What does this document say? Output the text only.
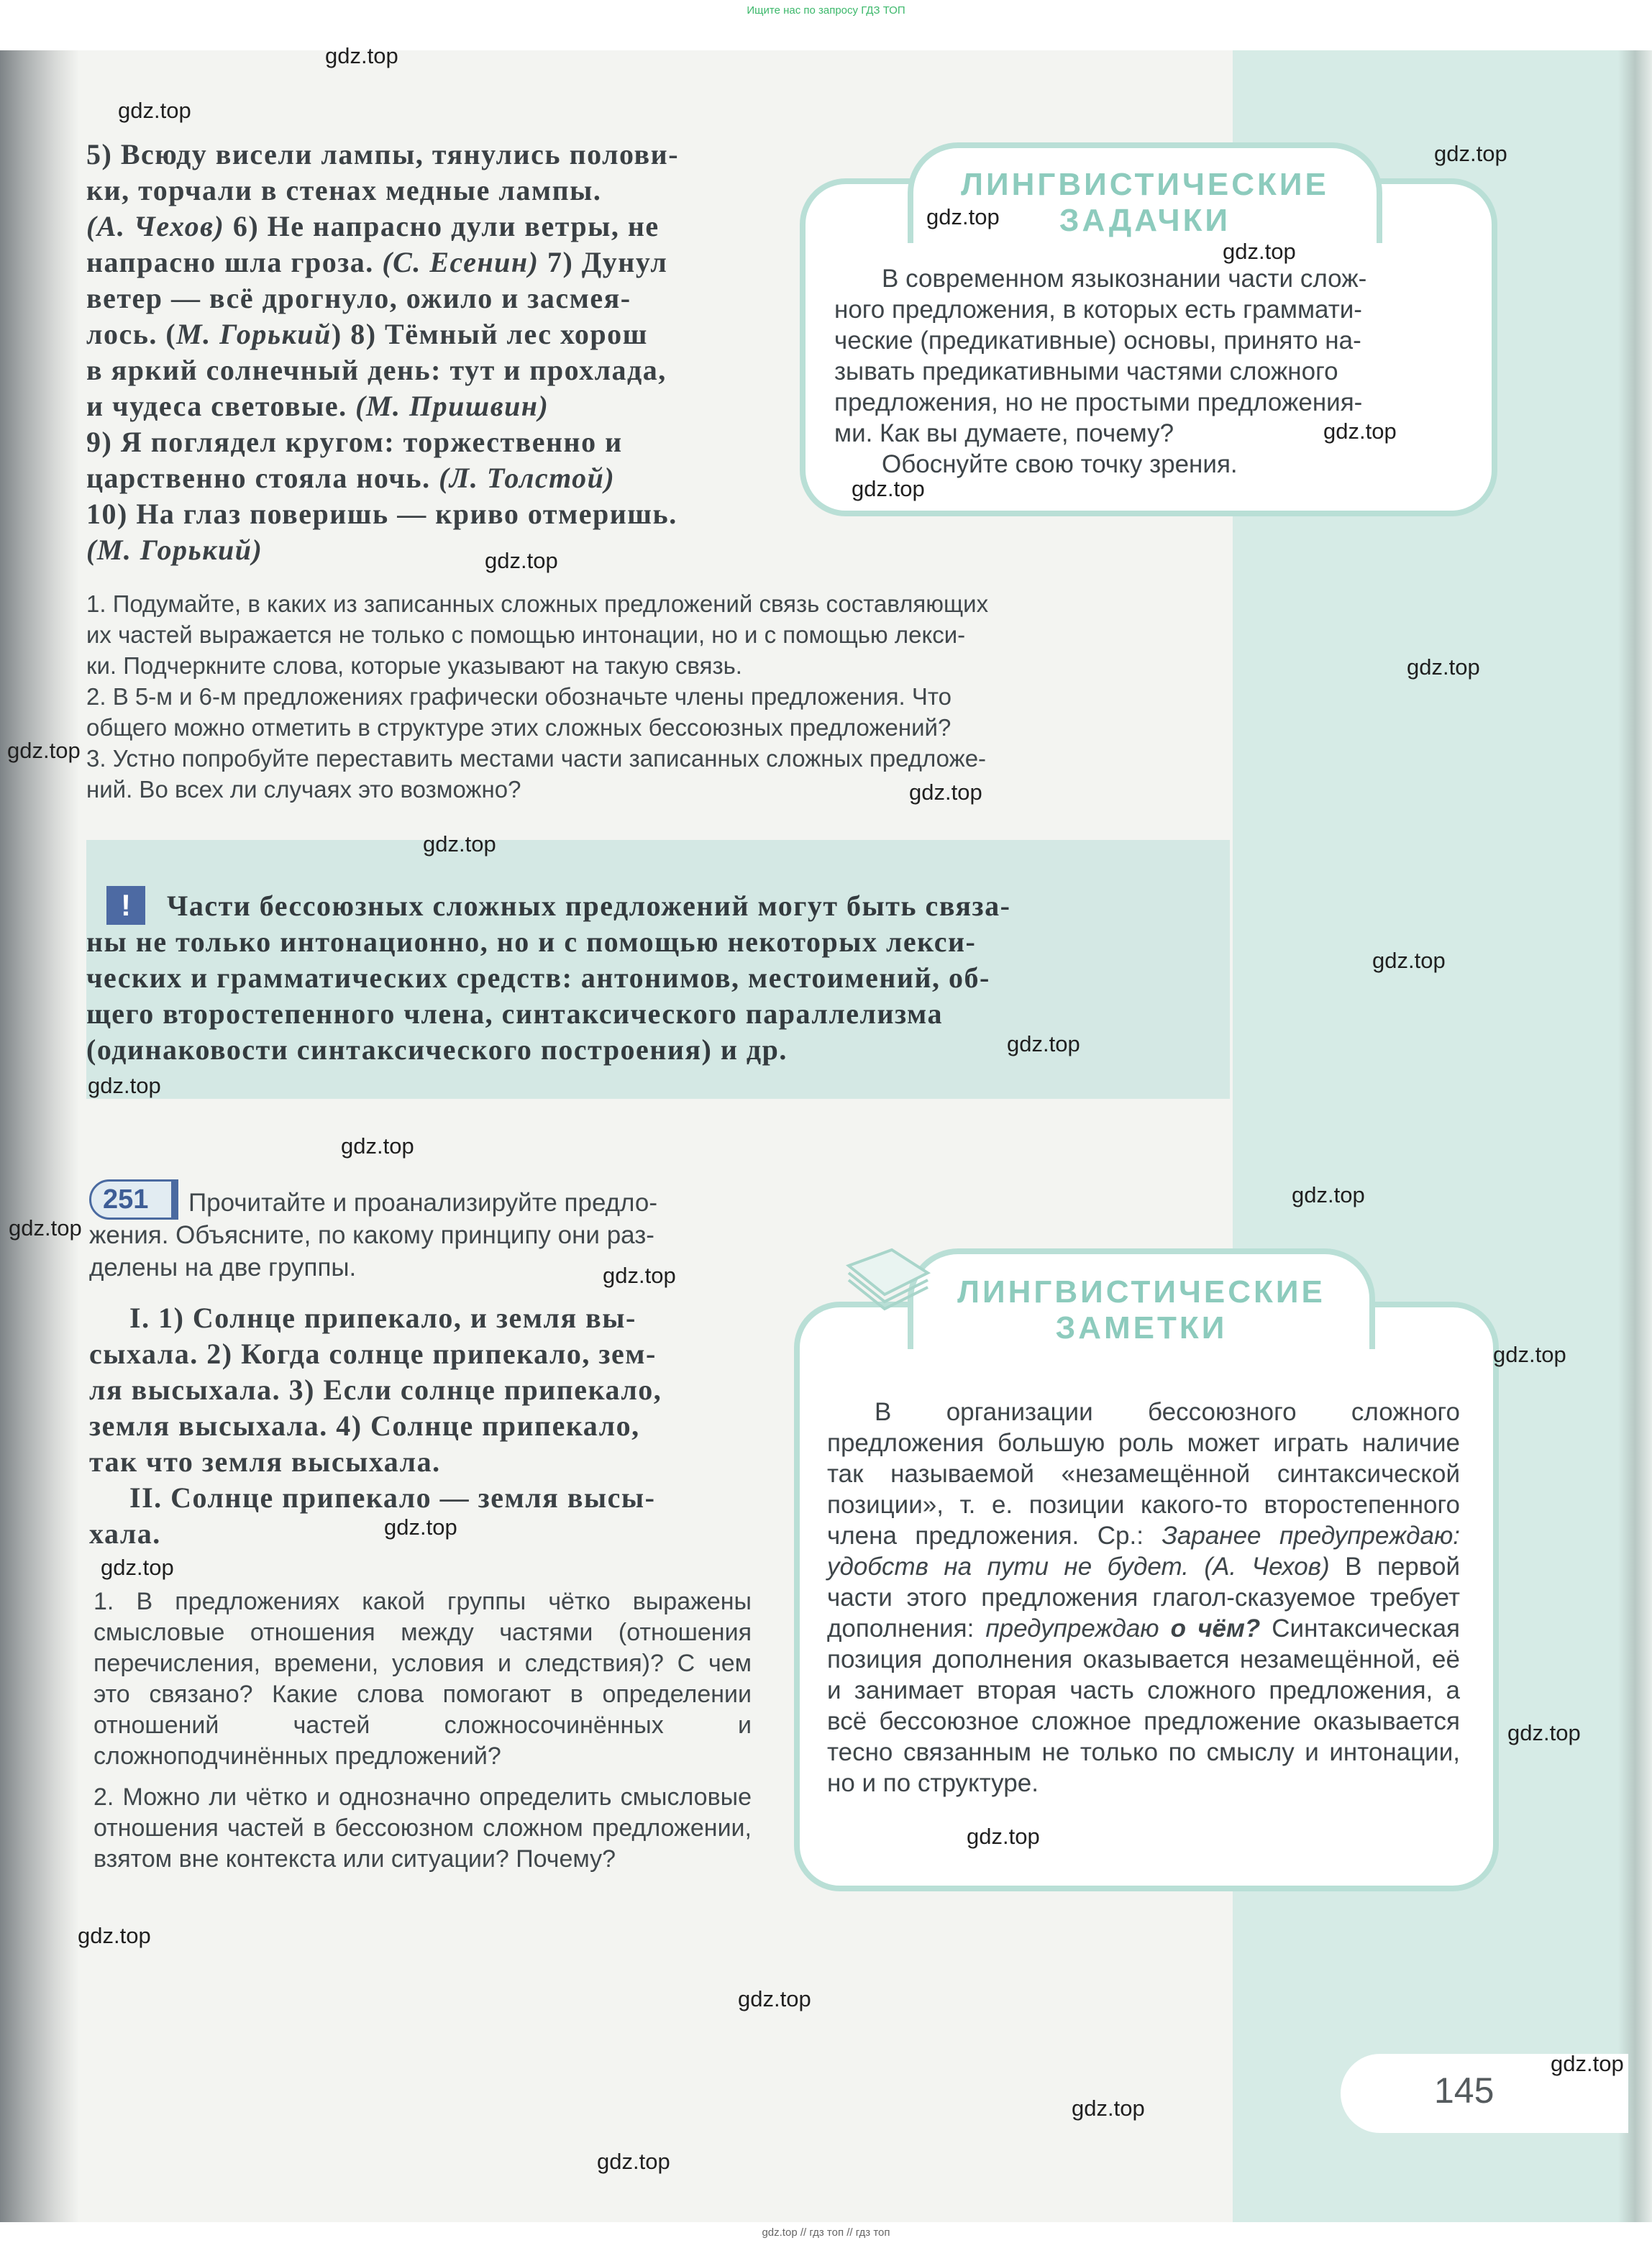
Ищите нас по запросу ГДЗ ТОП

5) Всюду висели лампы, тянулись полови-

ки, торчали в стенах медные лампы.

(А. Чехов) 6) Не напрасно дули ветры, не

напрасно шла гроза. (С. Есенин) 7) Дунул

ветер — всё дрогнуло, ожило и засмея-

лось. (М. Горький) 8) Тёмный лес хорош

в яркий солнечный день: тут и прохлада,

и чудеса световые. (М. Пришвин)

9) Я поглядел кругом: торжественно и

царственно стояла ночь. (Л. Толстой)

10) На глаз поверишь — криво отмеришь.

(М. Горький)

ЛИНГВИСТИЧЕСКИЕ
ЗАДАЧКИ

В современном языкознании части слож-

ного предложения, в которых есть граммати-

ческие (предикативные) основы, принято на-

зывать предикативными частями сложного

предложения, но не простыми предложения-

ми. Как вы думаете, почему?

Обоснуйте свою точку зрения.

1. Подумайте, в каких из записанных сложных предложений связь составляющих

их частей выражается не только с помощью интонации, но и с помощью лекси-

ки. Подчеркните слова, которые указывают на такую связь.

2. В 5-м и 6-м предложениях графически обозначьте члены предложения. Что

общего можно отметить в структуре этих сложных бессоюзных предложений?

3. Устно попробуйте переставить местами части записанных сложных предложе-

ний. Во всех ли случаях это возможно?

!	Части бессоюзных сложных предложений могут быть связа-

ны не только интонационно, но и с помощью некоторых лекси-

ческих и грамматических средств: антонимов, местоимений, об-

щего второстепенного члена, синтаксического параллелизма

(одинаковости синтаксического построения) и др.

251	Прочитайте и проанализируйте предло-

жения. Объясните, по какому принципу они раз-

делены на две группы.

I. 1) Солнце припекало, и земля вы-

сыхала. 2) Когда солнце припекало, зем-

ля высыхала. 3) Если солнце припекало,

земля высыхала. 4) Солнце припекало,

так что земля высыхала.

II. Солнце припекало — земля высы-

хала.

1. В предложениях какой группы чётко выражены смысловые отношения между частями (отношения перечисления, времени, условия и следствия)? С чем это связано? Какие слова помогают в определении отношений частей сложносочинённых и сложноподчинённых предложений?

2. Можно ли чётко и однозначно определить смысловые отношения частей в бессоюзном сложном предложении, взятом вне контекста или ситуации? Почему?

ЛИНГВИСТИЧЕСКИЕ
ЗАМЕТКИ

В организации бессоюзного сложного предложения большую роль может играть наличие так называемой «незамещённой синтаксической позиции», т. е. позиции какого-то второстепенного члена предложения. Ср.: Заранее предупреждаю: удобств на пути не будет. (А. Чехов) В первой части этого предложения глагол-сказуемое требует дополнения: предупреждаю о чём? Синтаксическая позиция дополнения оказывается незамещённой, её и занимает вторая часть сложного предложения, а всё бессоюзное сложное предложение оказывается тесно связанным не только по смыслу и интонации, но и по структуре.

145
gdz.top
gdz.top
gdz.top
gdz.top
gdz.top
gdz.top
gdz.top
gdz.top
gdz.top
gdz.top
gdz.top
gdz.top
gdz.top
gdz.top
gdz.top
gdz.top
gdz.top
gdz.top
gdz.top
gdz.top
gdz.top
gdz.top
gdz.top
gdz.top
gdz.top
gdz.top
gdz.top
gdz.top
gdz.top
gdz.top // гдз топ // гдз топ
